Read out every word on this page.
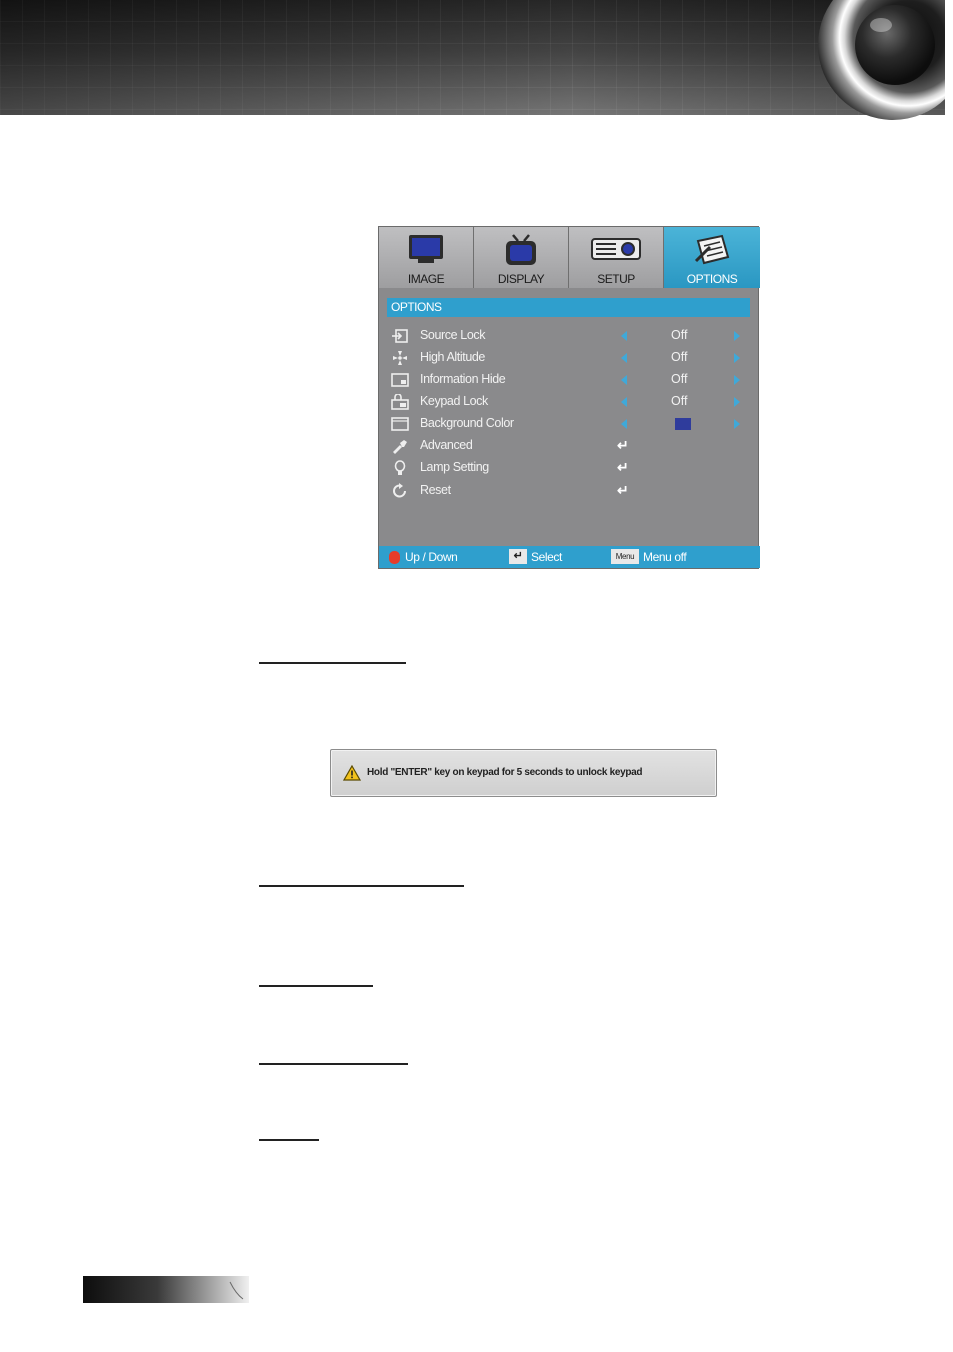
IMAGE	DISPLAY	SETUP	OPTIONS
OPTIONS
Source Lock	Off
High Altitude	Off
Information Hide	Off
Keypad Lock	Off
Background Color
Advanced	↵
Lamp Setting	↵
Reset	↵
Up / Down	↵ Select	Menu Menu off
Hold "ENTER" key on keypad for 5 seconds to unlock keypad
